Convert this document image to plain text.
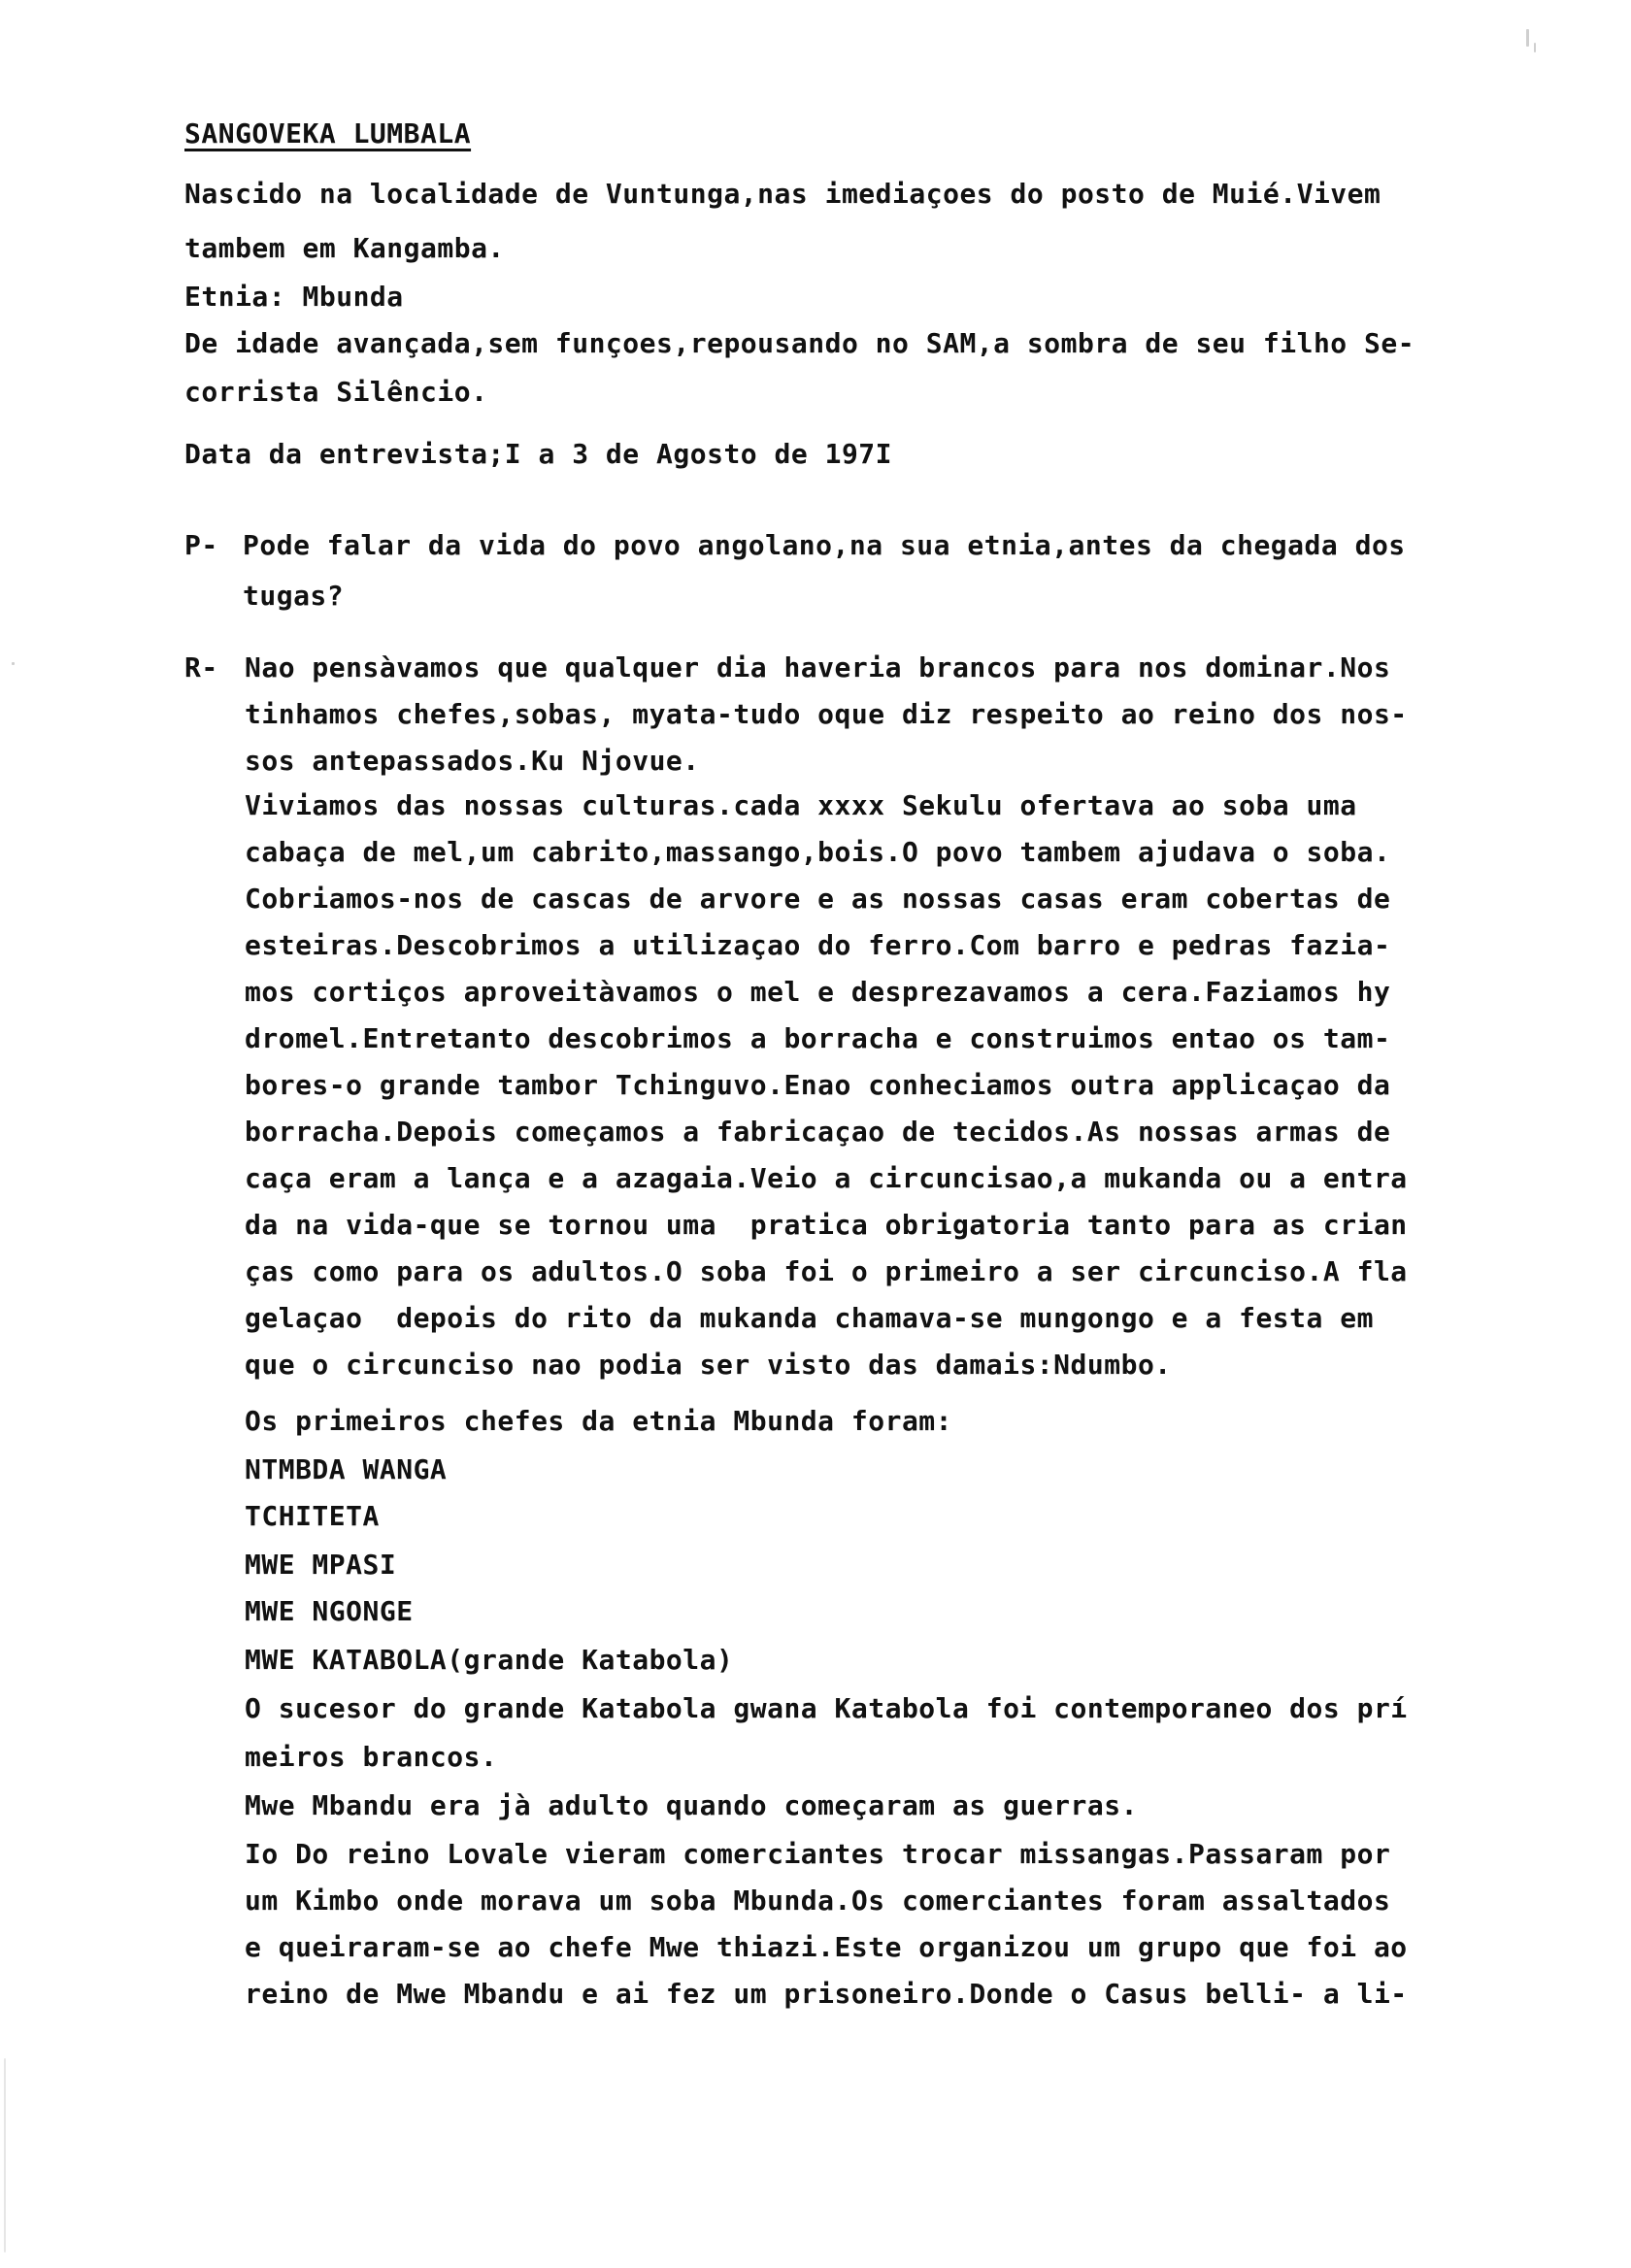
SANGOVEKA LUMBALA
Nascido na localidade de Vuntunga,nas imediaçoes do posto de Muié.Vivem
tambem em Kangamba.
Etnia: Mbunda
De idade avançada,sem funçoes,repousando no SAM,a sombra de seu filho Se-
corrista Silêncio.
Data da entrevista;I a 3 de Agosto de 197I
P- Pode falar da vida do povo angolano,na sua etnia,antes da chegada dos
tugas?
R- Nao pensàvamos que qualquer dia haveria brancos para nos dominar.Nos
tinhamos chefes,sobas, myata-tudo oque diz respeito ao reino dos nos-
sos antepassados.Ku Njovue.
Viviamos das nossas culturas.cada xxxx Sekulu ofertava ao soba uma
cabaça de mel,um cabrito,massango,bois.O povo tambem ajudava o soba.
Cobriamos-nos de cascas de arvore e as nossas casas eram cobertas de
esteiras.Descobrimos a utilizaçao do ferro.Com barro e pedras fazia-
mos cortiços aproveitàvamos o mel e desprezavamos a cera.Faziamos hy
dromel.Entretanto descobrimos a borracha e construimos entao os tam-
bores-o grande tambor Tchinguvo.Enao conheciamos outra applicaçao da
borracha.Depois começamos a fabricaçao de tecidos.As nossas armas de
caça eram a lança e a azagaia.Veio a circuncisao,a mukanda ou a entra
da na vida-que se tornou uma  pratica obrigatoria tanto para as crian
ças como para os adultos.O soba foi o primeiro a ser circunciso.A fla
gelaçao  depois do rito da mukanda chamava-se mungongo e a festa em
que o circunciso nao podia ser visto das damais:Ndumbo.
Os primeiros chefes da etnia Mbunda foram:
NTMBDA WANGA
TCHITETA
MWE MPASI
MWE NGONGE
MWE KATABOLA(grande Katabola)
O sucesor do grande Katabola gwana Katabola foi contemporaneo dos prí
meiros brancos.
Mwe Mbandu era jà adulto quando começaram as guerras.
Io Do reino Lovale vieram comerciantes trocar missangas.Passaram por
um Kimbo onde morava um soba Mbunda.Os comerciantes foram assaltados
e queiraram-se ao chefe Mwe thiazi.Este organizou um grupo que foi ao
reino de Mwe Mbandu e ai fez um prisoneiro.Donde o Casus belli- a li-
